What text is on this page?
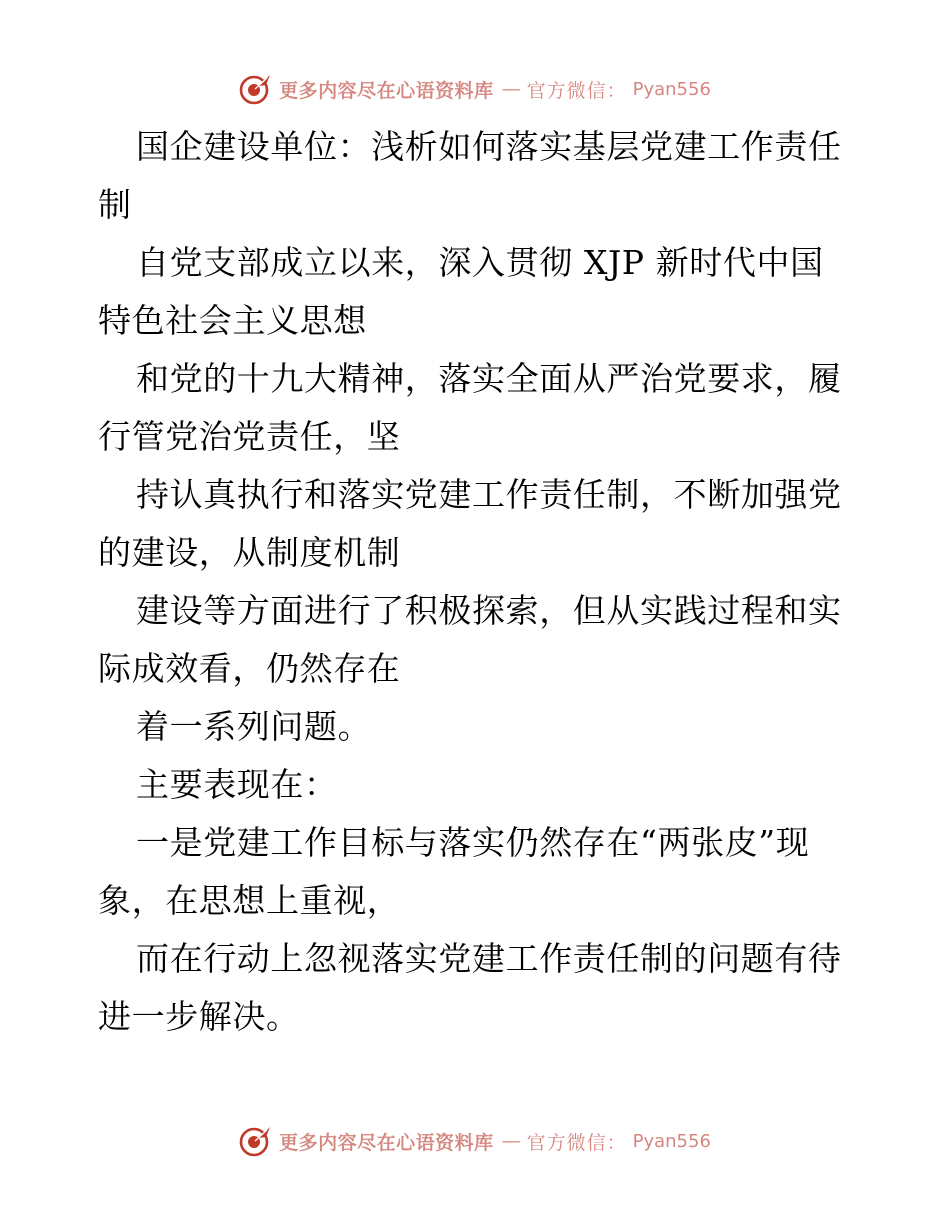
更多内容尽在心语资料库 — 官方微信： Pyan556

国企建设单位：浅析如何落实基层党建工作责任
制

自党支部成立以来，深入贯彻 XJP 新时代中国
特色社会主义思想

和党的十九大精神，落实全面从严治党要求，履
行管党治党责任，坚

持认真执行和落实党建工作责任制，不断加强党
的建设，从制度机制

建设等方面进行了积极探索，但从实践过程和实
际成效看，仍然存在

着一系列问题。

主要表现在：

一是党建工作目标与落实仍然存在“两张皮”现
象，在思想上重视，

而在行动上忽视落实党建工作责任制的问题有待
进一步解决。

更多内容尽在心语资料库 — 官方微信： Pyan556
